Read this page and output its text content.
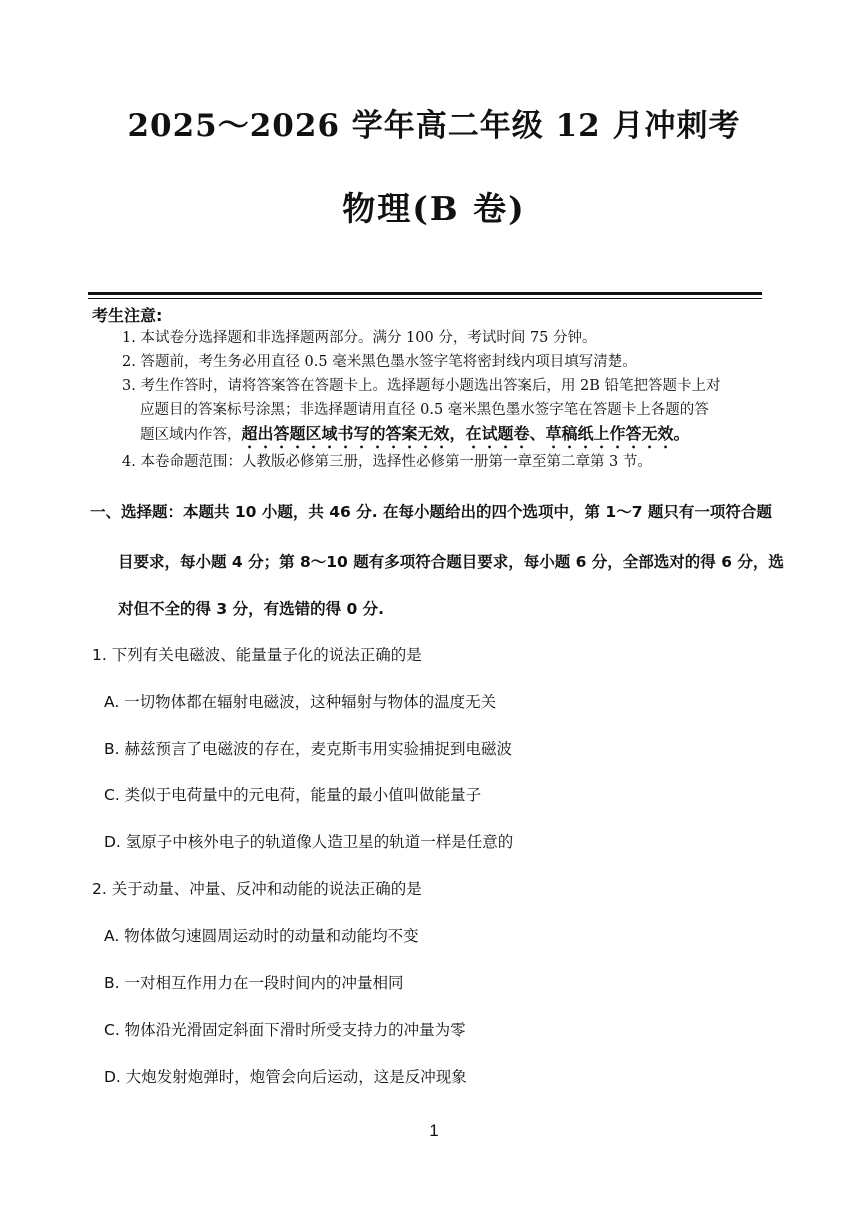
2025～2026 学年高二年级 12 月冲刺考
物理(B 卷)
考生注意:
1. 本试卷分选择题和非选择题两部分。满分 100 分，考试时间 75 分钟。
2. 答题前，考生务必用直径 0.5 毫米黑色墨水签字笔将密封线内项目填写清楚。
3. 考生作答时，请将答案答在答题卡上。选择题每小题选出答案后，用 2B 铅笔把答题卡上对
应题目的答案标号涂黑；非选择题请用直径 0.5 毫米黑色墨水签字笔在答题卡上各题的答
题区域内作答，超出答题区域书写的答案无效，在试题卷、草稿纸上作答无效。
4. 本卷命题范围：人教版必修第三册，选择性必修第一册第一章至第二章第 3 节。
一、选择题：本题共 10 小题，共 46 分. 在每小题给出的四个选项中，第 1～7 题只有一项符合题
目要求，每小题 4 分；第 8～10 题有多项符合题目要求，每小题 6 分，全部选对的得 6 分，选
对但不全的得 3 分，有选错的得 0 分.
1. 下列有关电磁波、能量量子化的说法正确的是
A. 一切物体都在辐射电磁波，这种辐射与物体的温度无关
B. 赫兹预言了电磁波的存在，麦克斯韦用实验捕捉到电磁波
C. 类似于电荷量中的元电荷，能量的最小值叫做能量子
D. 氢原子中核外电子的轨道像人造卫星的轨道一样是任意的
2. 关于动量、冲量、反冲和动能的说法正确的是
A. 物体做匀速圆周运动时的动量和动能均不变
B. 一对相互作用力在一段时间内的冲量相同
C. 物体沿光滑固定斜面下滑时所受支持力的冲量为零
D. 大炮发射炮弹时，炮管会向后运动，这是反冲现象
1
